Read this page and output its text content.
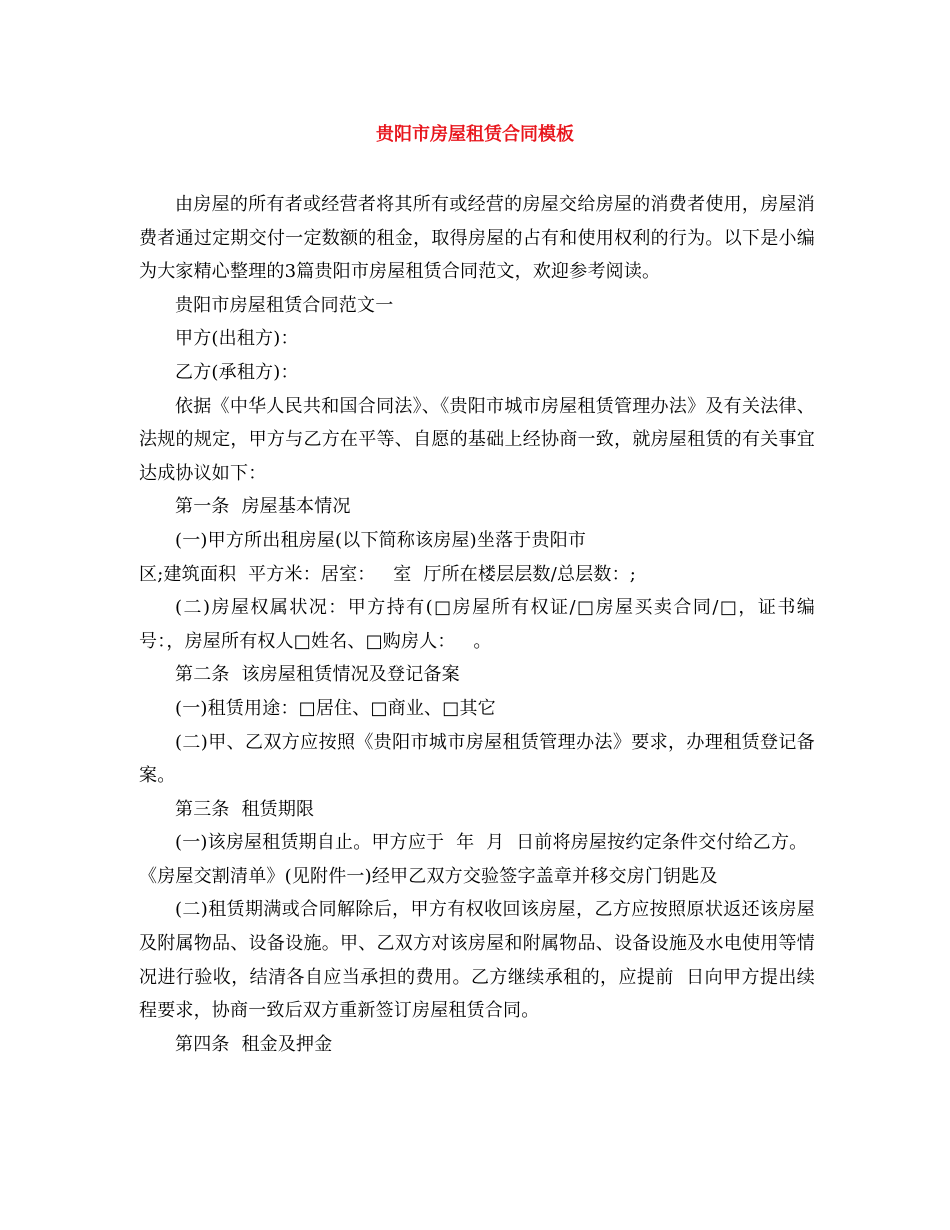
贵阳市房屋租赁合同模板

由房屋的所有者或经营者将其所有或经营的房屋交给房屋的消费者使用，房屋消费者通过定期交付一定数额的租金，取得房屋的占有和使用权利的行为。以下是小编为大家精心整理的3篇贵阳市房屋租赁合同范文，欢迎参考阅读。

贵阳市房屋租赁合同范文一

甲方(出租方)：

乙方(承租方)：

依据《中华人民共和国合同法》、《贵阳市城市房屋租赁管理办法》及有关法律、法规的规定，甲方与乙方在平等、自愿的基础上经协商一致，就房屋租赁的有关事宜达成协议如下：

第一条  房屋基本情况

(一)甲方所出租房屋(以下简称该房屋)坐落于贵阳市

区;建筑面积  平方米：居室：   室  厅所在楼层层数/总层数：;

(二)房屋权属状况：甲方持有(□房屋所有权证/□房屋买卖合同/□，证书编号：，房屋所有权人□姓名、□购房人：   。

第二条  该房屋租赁情况及登记备案

(一)租赁用途：□居住、□商业、□其它

(二)甲、乙双方应按照《贵阳市城市房屋租赁管理办法》要求，办理租赁登记备案。

第三条  租赁期限

(一)该房屋租赁期自止。甲方应于  年  月  日前将房屋按约定条件交付给乙方。

《房屋交割清单》(见附件一)经甲乙双方交验签字盖章并移交房门钥匙及

(二)租赁期满或合同解除后，甲方有权收回该房屋，乙方应按照原状返还该房屋及附属物品、设备设施。甲、乙双方对该房屋和附属物品、设备设施及水电使用等情况进行验收，结清各自应当承担的费用。乙方继续承租的，应提前  日向甲方提出续程要求，协商一致后双方重新签订房屋租赁合同。

第四条  租金及押金
